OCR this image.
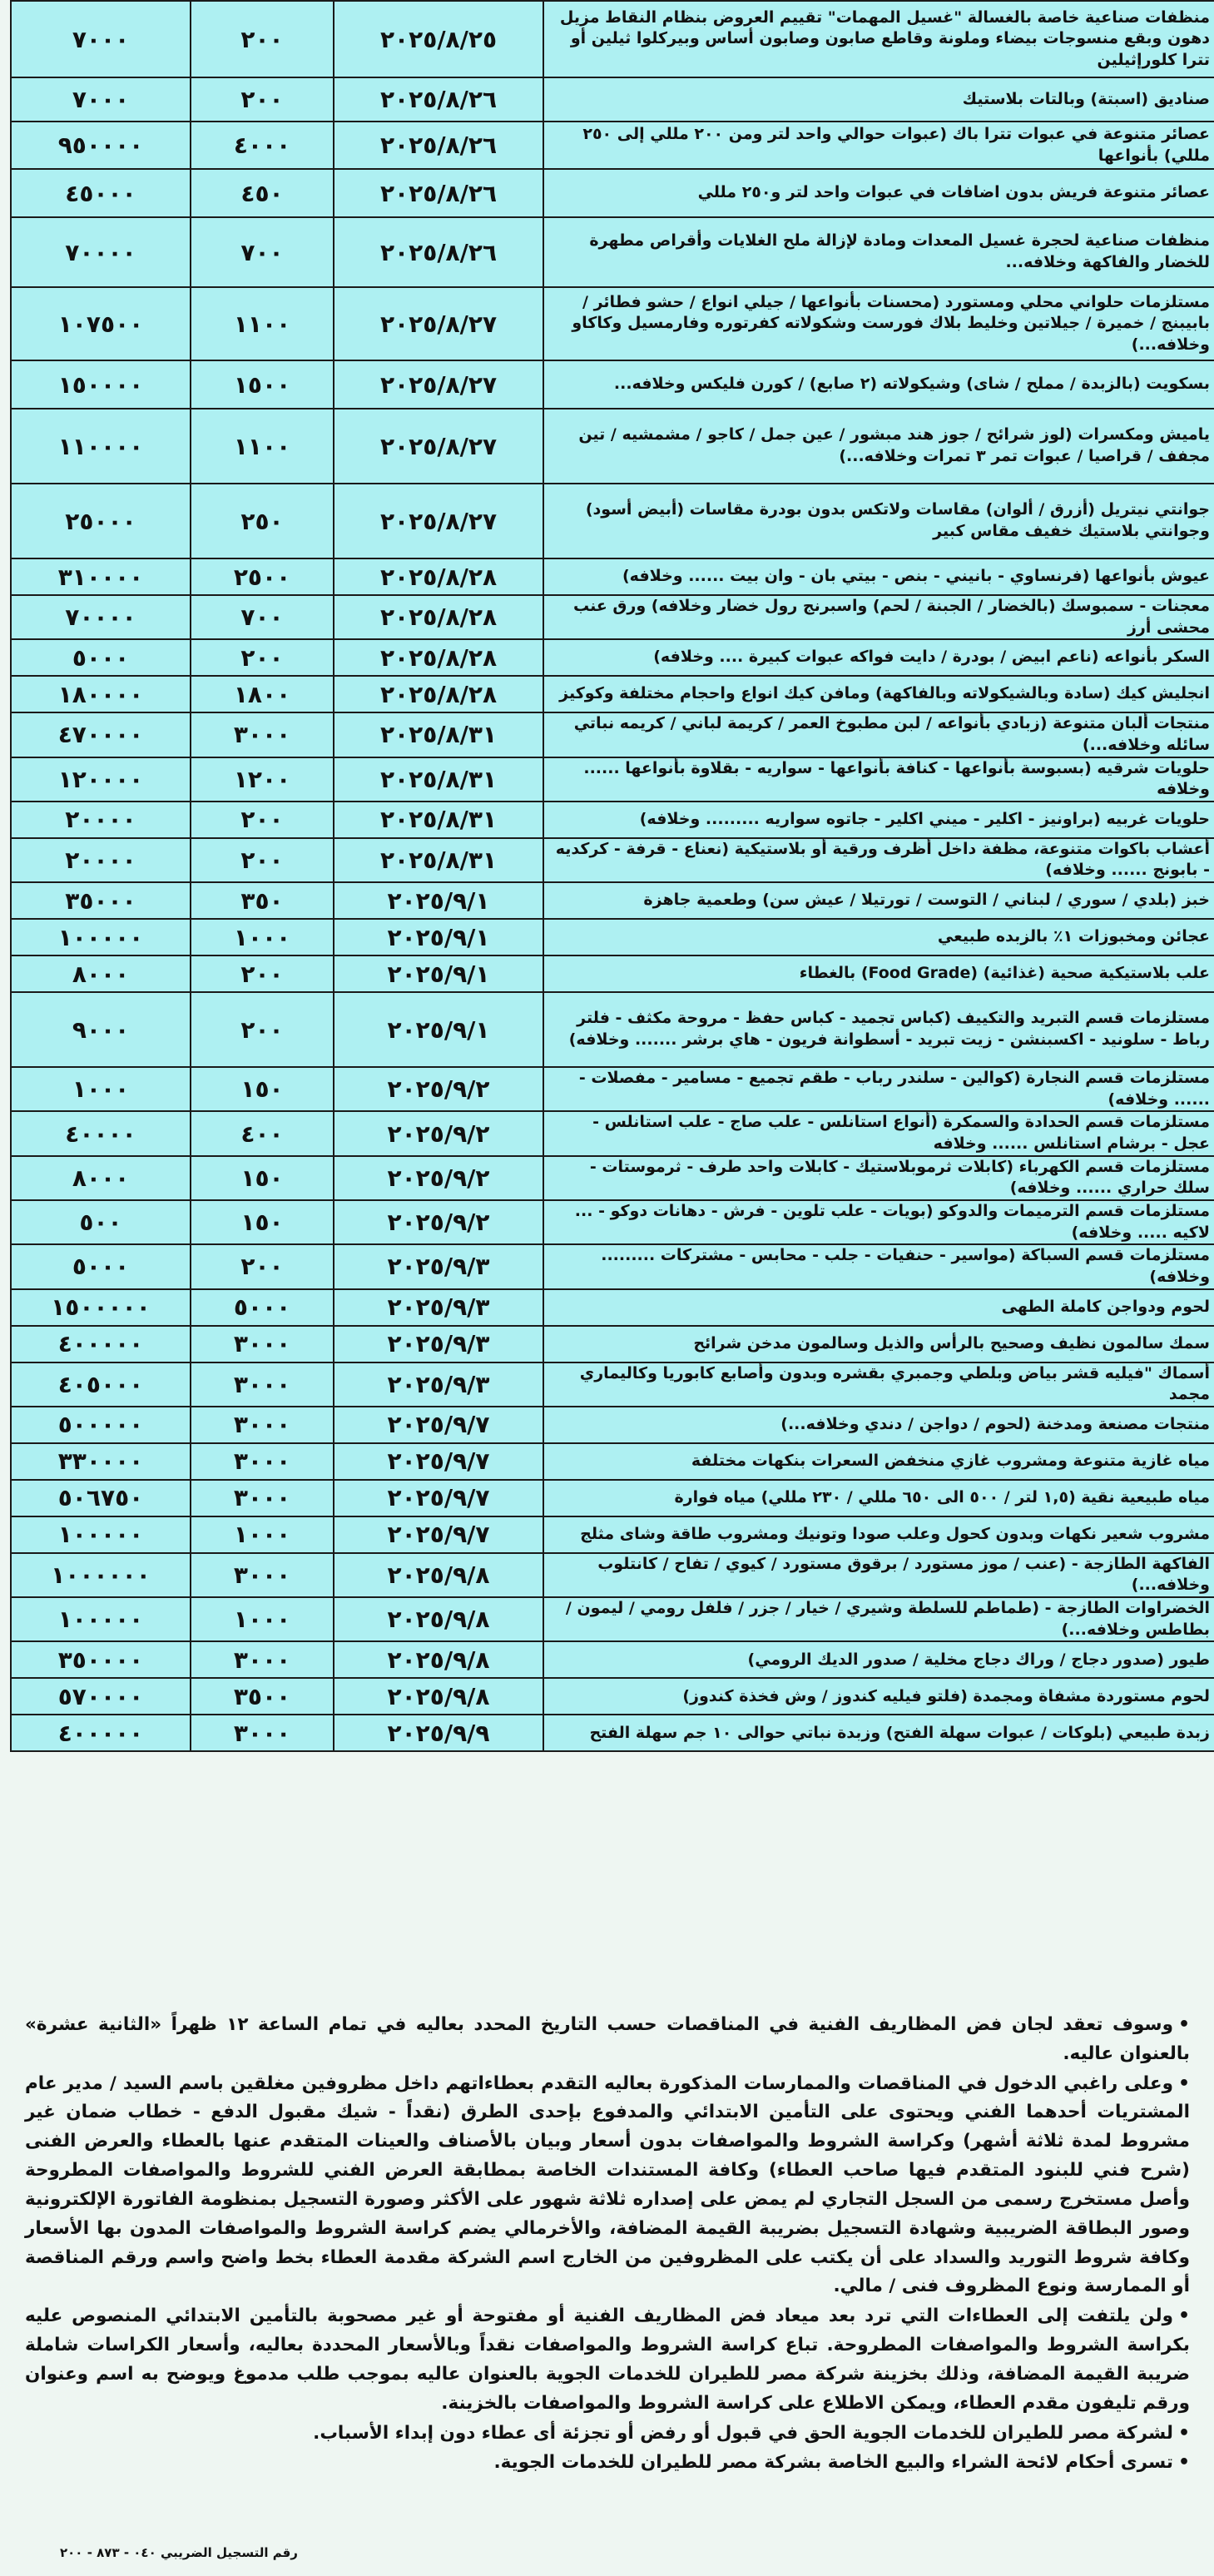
	منظفات صناعية خاصة بالغسالة "غسيل المهمات" تقييم العروض بنظام النقاط مزيل دهون وبقع منسوجات بيضاء وملونة وقاطع صابون وصابون أساس وبيركلوا ثيلين أو تترا كلورإثيلين	٢٠٢٥/٨/٢٥	٢٠٠	٧٠٠٠
	صناديق (اسبتة) وبالتات بلاستيك	٢٠٢٥/٨/٢٦	٢٠٠	٧٠٠٠
	عصائر متنوعة في عبوات تترا باك (عبوات حوالي واحد لتر ومن ٢٠٠ مللي إلى ٢٥٠ مللي) بأنواعها	٢٠٢٥/٨/٢٦	٤٠٠٠	٩٥٠٠٠٠
	عصائر متنوعة فريش بدون اضافات في عبوات واحد لتر و٢٥٠ مللي	٢٠٢٥/٨/٢٦	٤٥٠	٤٥٠٠٠
	منظفات صناعية لحجرة غسيل المعدات ومادة لإزالة ملح الغلايات وأقراص مطهرة للخضار والفاكهة وخلافه...	٢٠٢٥/٨/٢٦	٧٠٠	٧٠٠٠٠
	مستلزمات حلواني محلي ومستورد (محسنات بأنواعها / جيلي انواع / حشو فطائر / بابيبنج / خميرة / جيلاتين وخليط بلاك فورست وشكولاته كفرتوره وفارمسيل وكاكاو وخلافه...)	٢٠٢٥/٨/٢٧	١١٠٠	١٠٧٥٠٠
	بسكويت (بالزبدة / مملح / شاى) وشيكولاته (٢ صابع) / كورن فليكس وخلافه...	٢٠٢٥/٨/٢٧	١٥٠٠	١٥٠٠٠٠
	ياميش ومكسرات (لوز شرائح / جوز هند مبشور / عين جمل / كاجو / مشمشيه / تين مجفف / قراصيا / عبوات تمر ٣ تمرات وخلافه...)	٢٠٢٥/٨/٢٧	١١٠٠	١١٠٠٠٠
	جوانتي نيتريل (أزرق / ألوان) مقاسات ولاتكس بدون بودرة مقاسات (أبيض أسود) وجوانتي بلاستيك خفيف مقاس كبير	٢٠٢٥/٨/٢٧	٢٥٠	٢٥٠٠٠
	عيوش بأنواعها (فرنساوي - بانيني - بنص - بيتي بان - وان بيت ...... وخلافه)	٢٠٢٥/٨/٢٨	٢٥٠٠	٣١٠٠٠٠
	معجنات - سمبوسك (بالخضار / الجبنة / لحم) واسبرنج رول خضار وخلافه) ورق عنب محشى أرز	٢٠٢٥/٨/٢٨	٧٠٠	٧٠٠٠٠
	السكر بأنواعه (ناعم ابيض / بودرة / دايت فواكه عبوات كبيرة .... وخلافه)	٢٠٢٥/٨/٢٨	٢٠٠	٥٠٠٠
	انجليش كيك (سادة وبالشيكولاته وبالفاكهة) ومافن كيك انواع واحجام مختلفة وكوكيز	٢٠٢٥/٨/٢٨	١٨٠٠	١٨٠٠٠٠
	منتجات ألبان متنوعة (زبادي بأنواعه / لبن مطبوخ العمر / كريمة لباني / كريمه نباتي سائله وخلافه...)	٢٠٢٥/٨/٣١	٣٠٠٠	٤٧٠٠٠٠
	حلويات شرقيه (بسبوسة بأنواعها - كنافة بأنواعها - سواريه - بقلاوة بأنواعها ...... وخلافه	٢٠٢٥/٨/٣١	١٢٠٠	١٢٠٠٠٠
	حلويات غربيه (براونيز - اكلير - ميني اكلير - جاتوه سواريه ......... وخلافه)	٢٠٢٥/٨/٣١	٢٠٠	٢٠٠٠٠
	أعشاب باكوات متنوعة، مظفة داخل أظرف ورقية أو بلاستيكية (نعناع - قرفة - كركديه - بابونج ...... وخلافه)	٢٠٢٥/٨/٣١	٢٠٠	٢٠٠٠٠
	خبز (بلدي / سوري / لبناني / التوست / تورتيلا / عيش سن) وطعمية جاهزة	٢٠٢٥/٩/١	٣٥٠	٣٥٠٠٠
	عجائن ومخبوزات ١٪ بالزبده طبيعي	٢٠٢٥/٩/١	١٠٠٠	١٠٠٠٠٠
	علب بلاستيكية صحية (غذائية) (Food Grade) بالغطاء	٢٠٢٥/٩/١	٢٠٠	٨٠٠٠
	مستلزمات قسم التبريد والتكييف (كباس تجميد - كباس حفظ - مروحة مكثف - فلتر رباط - سلونيد - اكسبنشن - زيت تبريد - أسطوانة فريون - هاي برشر ....... وخلافه)	٢٠٢٥/٩/١	٢٠٠	٩٠٠٠
	مستلزمات قسم النجارة (كوالين - سلندر رباب - طقم تجميع - مسامير - مفصلات - ...... وخلافه)	٢٠٢٥/٩/٢	١٥٠	١٠٠٠
	مستلزمات قسم الحدادة والسمكرة (أنواع استانلس - علب صاج - علب استانلس - عجل - برشام استانلس ...... وخلافه	٢٠٢٥/٩/٢	٤٠٠	٤٠٠٠٠
	مستلزمات قسم الكهرباء (كابلات ثرموبلاستيك - كابلات واحد طرف - ثرموستات - سلك حراري ...... وخلافه)	٢٠٢٥/٩/٢	١٥٠	٨٠٠٠
	مستلزمات قسم الترميمات والدوكو (بويات - علب تلوين - فرش - دهانات دوكو - ... لاكيه ..... وخلافه)	٢٠٢٥/٩/٢	١٥٠	٥٠٠
	مستلزمات قسم السباكة (مواسير - حنفيات - جلب - محابس - مشتركات ......... وخلافه)	٢٠٢٥/٩/٣	٢٠٠	٥٠٠٠
	لحوم ودواجن كاملة الطهى	٢٠٢٥/٩/٣	٥٠٠٠	١٥٠٠٠٠٠
	سمك سالمون نظيف وصحيح بالرأس والذيل وسالمون مدخن شرائح	٢٠٢٥/٩/٣	٣٠٠٠	٤٠٠٠٠٠
	أسماك "فيليه قشر بياض وبلطي وجمبري بقشره وبدون وأصابع كابوريا وكاليماري مجمد	٢٠٢٥/٩/٣	٣٠٠٠	٤٠٥٠٠٠
	منتجات مصنعة ومدخنة (لحوم / دواجن / دندي وخلافه...)	٢٠٢٥/٩/٧	٣٠٠٠	٥٠٠٠٠٠
	مياه غازية متنوعة ومشروب غازي منخفض السعرات بنكهات مختلفة	٢٠٢٥/٩/٧	٣٠٠٠	٣٣٠٠٠٠
	مياه طبيعية نقية (١,٥ لتر / ٥٠٠ الى ٦٥٠ مللي / ٢٣٠ مللي) مياه فوارة	٢٠٢٥/٩/٧	٣٠٠٠	٥٠٦٧٥٠
	مشروب شعير نكهات وبدون كحول وعلب صودا وتونيك ومشروب طاقة وشاى مثلج	٢٠٢٥/٩/٧	١٠٠٠	١٠٠٠٠٠
	الفاكهة الطازجة - (عنب / موز مستورد / برقوق مستورد / كيوي / تفاح / كانتلوب وخلافه...)	٢٠٢٥/٩/٨	٣٠٠٠	١٠٠٠٠٠٠
	الخضراوات الطازجة - (طماطم للسلطة وشيري / خيار / جزر / فلفل رومي / ليمون / بطاطس وخلافه...)	٢٠٢٥/٩/٨	١٠٠٠	١٠٠٠٠٠
	طيور (صدور دجاج / وراك دجاج مخلية / صدور الديك الرومي)	٢٠٢٥/٩/٨	٣٠٠٠	٣٥٠٠٠٠
	لحوم مستوردة مشفاة ومجمدة (فلتو فيليه كندوز / وش فخذة كندوز)	٢٠٢٥/٩/٨	٣٥٠٠	٥٧٠٠٠٠
	زبدة طبيعي (بلوكات / عبوات سهلة الفتح) وزبدة نباتي حوالى ١٠ جم سهلة الفتح	٢٠٢٥/٩/٩	٣٠٠٠	٤٠٠٠٠٠

•وسوف تعقد لجان فض المظاريف الفنية في المناقصات حسب التاريخ المحدد بعاليه في تمام الساعة ١٢ ظهراً «الثانية عشرة» بالعنوان عاليه.

•وعلى راغبي الدخول في المناقصات والممارسات المذكورة بعاليه التقدم بعطاءاتهم داخل مظروفين مغلقين باسم السيد / مدير عام المشتريات أحدهما الفني ويحتوى على التأمين الابتدائي والمدفوع بإحدى الطرق (نقداً - شيك مقبول الدفع - خطاب ضمان غير مشروط لمدة ثلاثة أشهر) وكراسة الشروط والمواصفات بدون أسعار وبيان بالأصناف والعينات المتقدم عنها بالعطاء والعرض الفنى (شرح فني للبنود المتقدم فيها صاحب العطاء) وكافة المستندات الخاصة بمطابقة العرض الفني للشروط والمواصفات المطروحة وأصل مستخرج رسمى من السجل التجاري لم يمض على إصداره ثلاثة شهور على الأكثر وصورة التسجيل بمنظومة الفاتورة الإلكترونية وصور البطاقة الضريبية وشهادة التسجيل بضريبة القيمة المضافة، والأخرمالي يضم كراسة الشروط والمواصفات المدون بها الأسعار وكافة شروط التوريد والسداد على أن يكتب على المظروفين من الخارج اسم الشركة مقدمة العطاء بخط واضح واسم ورقم المناقصة أو الممارسة ونوع المظروف فنى / مالي.

•ولن يلتفت إلى العطاءات التي ترد بعد ميعاد فض المظاريف الفنية أو مفتوحة أو غير مصحوبة بالتأمين الابتدائي المنصوص عليه بكراسة الشروط والمواصفات المطروحة. تباع كراسة الشروط والمواصفات نقداً وبالأسعار المحددة بعاليه، وأسعار الكراسات شاملة ضريبة القيمة المضافة، وذلك بخزينة شركة مصر للطيران للخدمات الجوية بالعنوان عاليه بموجب طلب مدموغ ويوضح به اسم وعنوان ورقم تليفون مقدم العطاء، ويمكن الاطلاع على كراسة الشروط والمواصفات بالخزينة.

•لشركة مصر للطيران للخدمات الجوية الحق في قبول أو رفض أو تجزئة أى عطاء دون إبداء الأسباب.

•تسرى أحكام لائحة الشراء والبيع الخاصة بشركة مصر للطيران للخدمات الجوية.

رقم التسجيل الضريبي ٠٤٠ - ٨٧٣ - ٢٠٠
